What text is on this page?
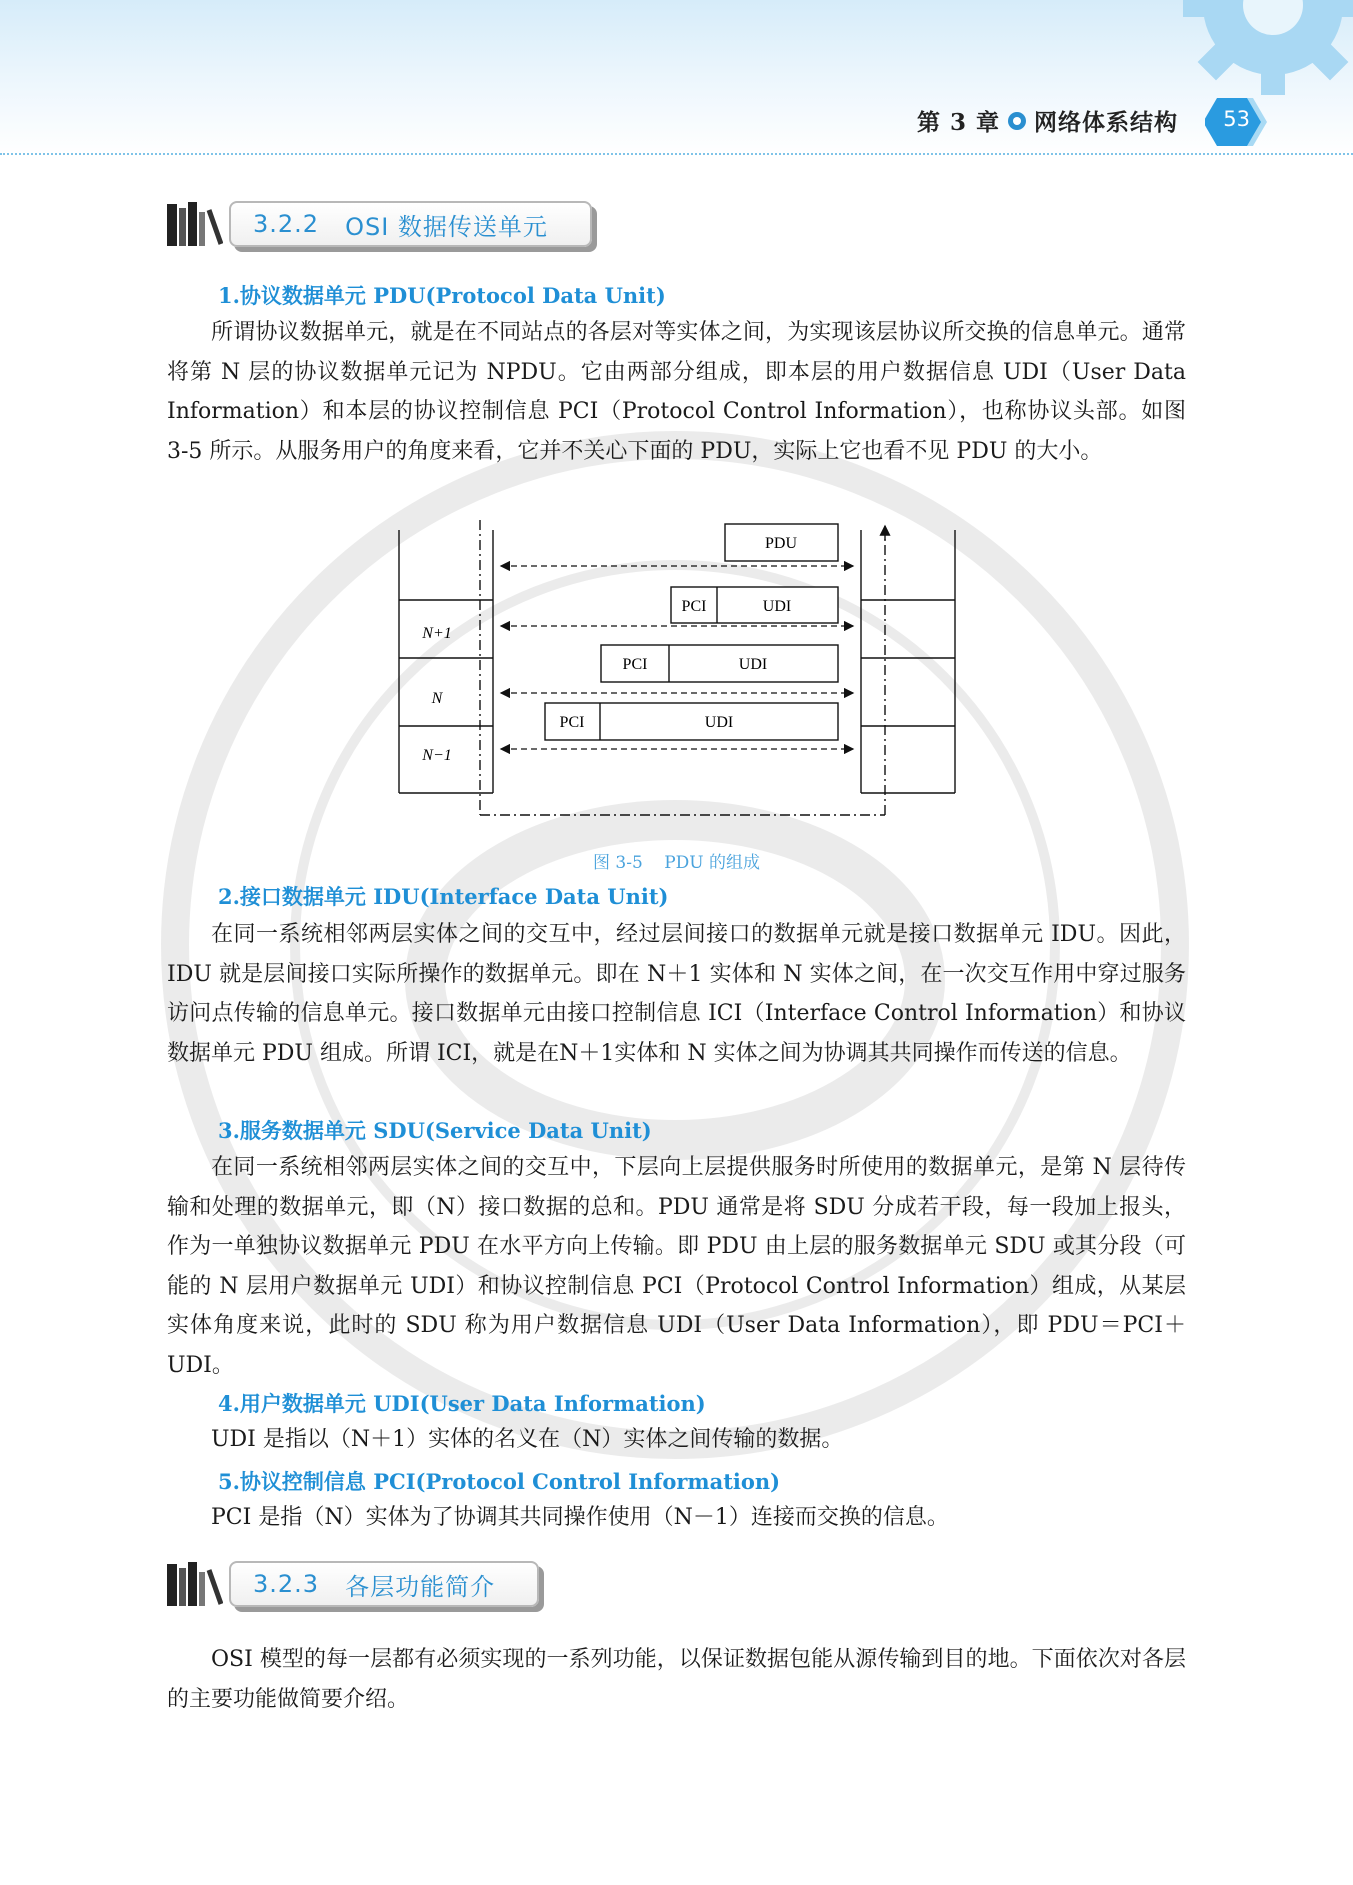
第 3 章 网络体系结构 53
3.2.2 OSI 数据传送单元
1.协议数据单元 PDU(Protocol Data Unit)

所谓协议数据单元，就是在不同站点的各层对等实体之间，为实现该层协议所交换的信息单元。通常将第 N 层的协议数据单元记为 NPDU。它由两部分组成，即本层的用户数据信息 UDI（User Data Information）和本层的协议控制信息 PCI（Protocol Control Information），也称协议头部。如图 3-5 所示。从服务用户的角度来看，它并不关心下面的 PDU，实际上它也看不见 PDU 的大小。

PDU
PCI	UDI
PCI	UDI
PCI	UDI
N+1
N
N−1
图 3-5 PDU 的组成
2.接口数据单元 IDU(Interface Data Unit)

在同一系统相邻两层实体之间的交互中，经过层间接口的数据单元就是接口数据单元 IDU。因此，IDU 就是层间接口实际所操作的数据单元。即在 N＋1 实体和 N 实体之间，在一次交互作用中穿过服务访问点传输的信息单元。接口数据单元由接口控制信息 ICI（Interface Control Information）和协议数据单元 PDU 组成。所谓 ICI，就是在N＋1实体和 N 实体之间为协调其共同操作而传送的信息。

3.服务数据单元 SDU(Service Data Unit)

在同一系统相邻两层实体之间的交互中，下层向上层提供服务时所使用的数据单元，是第 N 层待传输和处理的数据单元，即（N）接口数据的总和。PDU 通常是将 SDU 分成若干段，每一段加上报头，作为一单独协议数据单元 PDU 在水平方向上传输。即 PDU 由上层的服务数据单元 SDU 或其分段（可能的 N 层用户数据单元 UDI）和协议控制信息 PCI（Protocol Control Information）组成，从某层实体角度来说，此时的 SDU 称为用户数据信息 UDI（User Data Information），即 PDU＝PCI＋UDI。

4.用户数据单元 UDI(User Data Information)

UDI 是指以（N＋1）实体的名义在（N）实体之间传输的数据。

5.协议控制信息 PCI(Protocol Control Information)

PCI 是指（N）实体为了协调其共同操作使用（N－1）连接而交换的信息。

3.2.3 各层功能简介

OSI 模型的每一层都有必须实现的一系列功能，以保证数据包能从源传输到目的地。下面依次对各层的主要功能做简要介绍。
